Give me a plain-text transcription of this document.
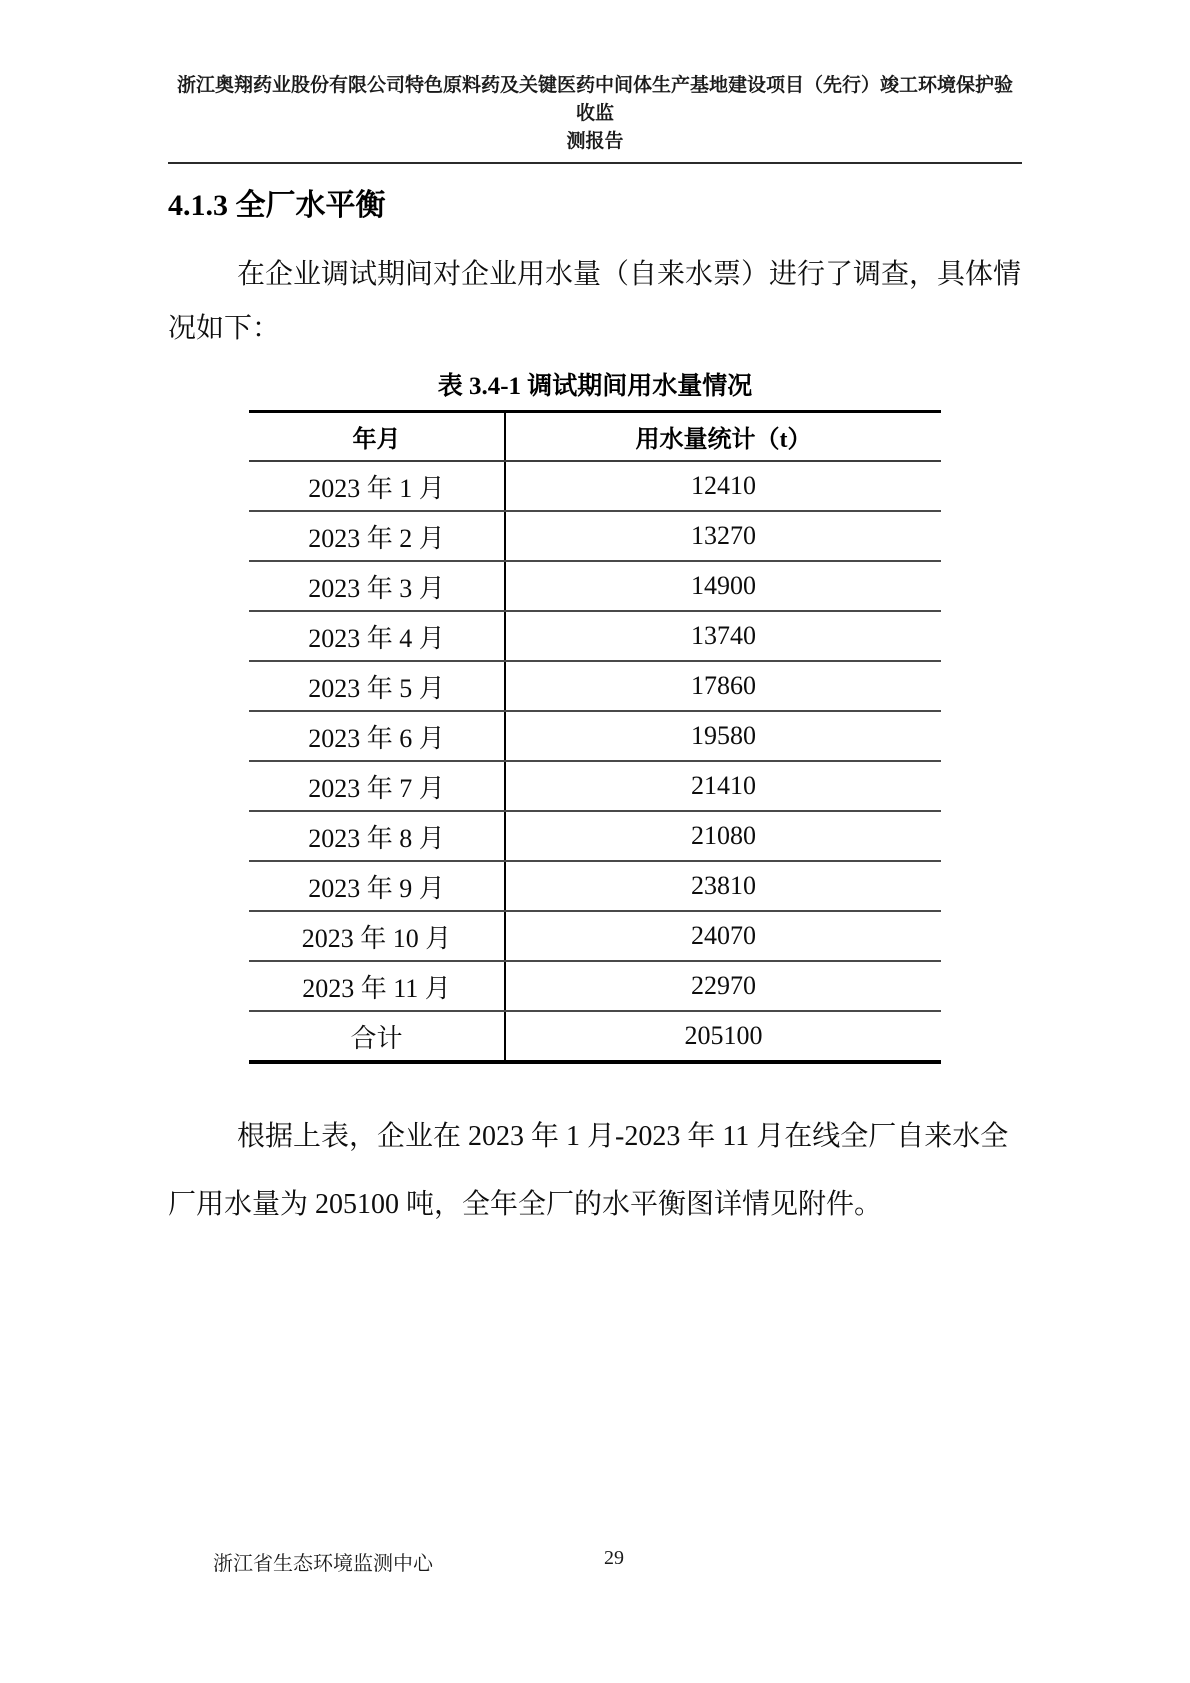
浙江奥翔药业股份有限公司特色原料药及关键医药中间体生产基地建设项目（先行）竣工环境保护验收监
测报告
4.1.3 全厂水平衡
在企业调试期间对企业用水量（自来水票）进行了调查，具体情
况如下：
表 3.4-1 调试期间用水量情况
年月	用水量统计（t）
2023 年 1 月	12410
2023 年 2 月	13270
2023 年 3 月	14900
2023 年 4 月	13740
2023 年 5 月	17860
2023 年 6 月	19580
2023 年 7 月	21410
2023 年 8 月	21080
2023 年 9 月	23810
2023 年 10 月	24070
2023 年 11 月	22970
合计	205100
根据上表，企业在 2023 年 1 月-2023 年 11 月在线全厂自来水全
厂用水量为 205100 吨，全年全厂的水平衡图详情见附件。
浙江省生态环境监测中心	29
